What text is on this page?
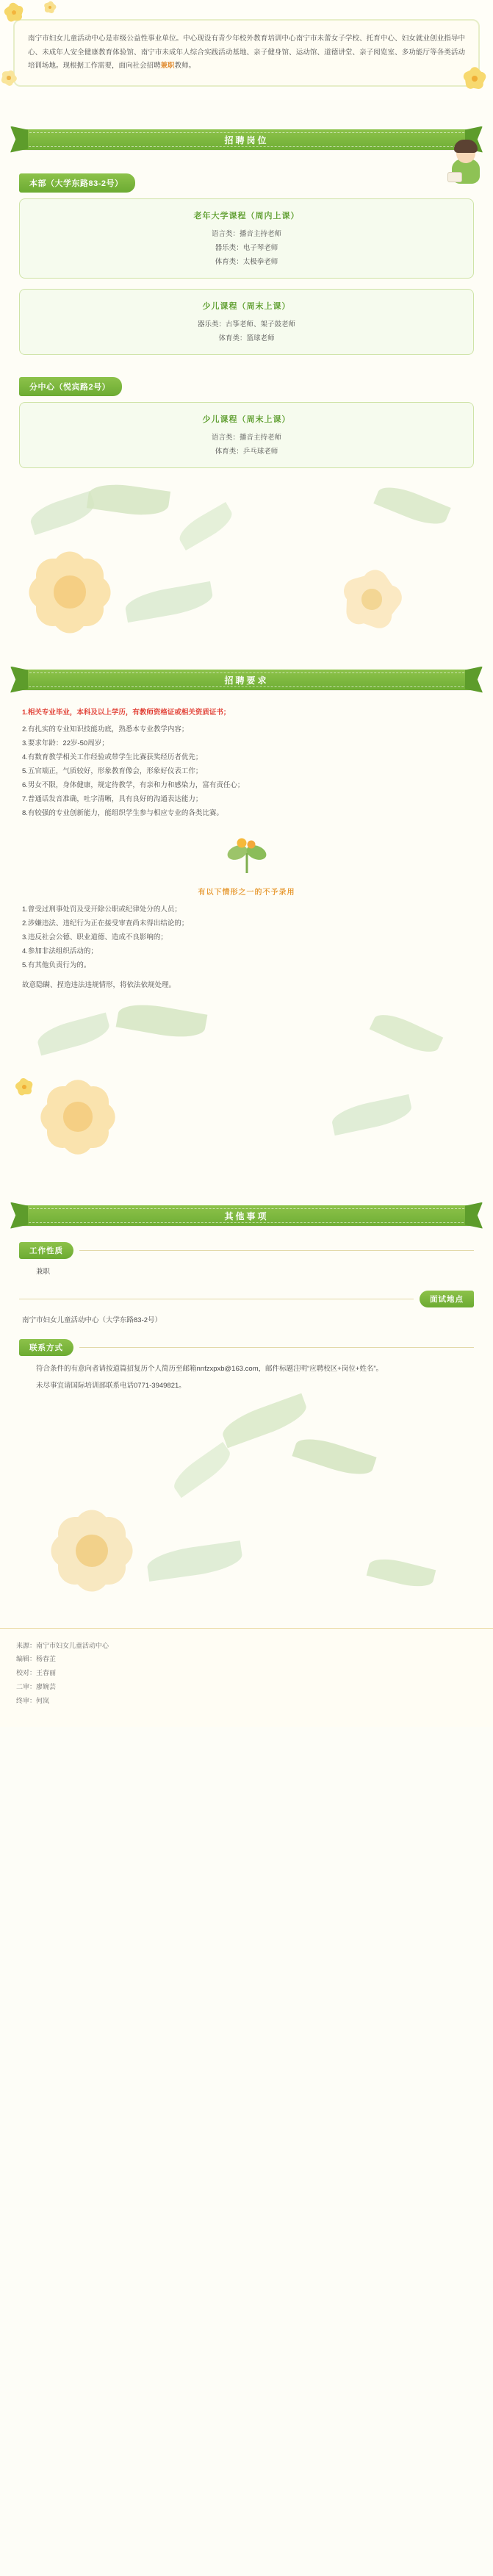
南宁市妇女儿童活动中心是市级公益性事业单位。中心现设有青少年校外教育培训中心南宁市未蕾女子学校、托育中心、妇女就业创业指导中心、未成年人安全健康教育体验馆、南宁市未成年人综合实践活动基地、亲子健身馆、运动馆、道德讲堂、亲子阅览室、多功能厅等各类活动培训场地。现根据工作需要，面向社会招聘兼职教师。
招聘岗位
本部（大学东路83-2号）
老年大学课程（周内上课）
语言类：播音主持老师
器乐类：电子琴老师
体育类：太极拳老师
少儿课程（周末上课）
器乐类：古筝老师、架子鼓老师
体育类：篮球老师
分中心（悦宾路2号）
少儿课程（周末上课）
语言类：播音主持老师
体育类：乒乓球老师
招聘要求
1.相关专业毕业，本科及以上学历，有教师资格证或相关资质证书；
2.有扎实的专业知识技能功底，熟悉本专业教学内容；
3.要求年龄：22岁-50周岁；
4.有数育教学相关工作经验或带学生比赛获奖经历者优先；
5.五官端正，气质较好，形象教育像会，形象好仪表工作；
6.男女不限，身体健康，规定待教学，有亲和力和感染力，富有责任心；
7.普通话发音准确，吐字清晰，具有良好的沟通表达能力；
8.有较强的专业创新能力，能组织学生参与相应专业的各类比赛。
有以下情形之一的不予录用
1.曾受过刑事处罚及受开除公职或纪律处分的人员；
2.涉嫌违法、违纪行为正在接受审查尚未得出结论的；
3.违反社会公德、职业道德、造成不良影响的；
4.参加非法组织活动的；
5.有其他负责行为的。
故意隐瞒、捏造违法违规情形，将依法依规处理。
其他事项
工作性质
兼职
面试地点
南宁市妇女儿童活动中心（大学东路83-2号）
联系方式
符合条件的有意向者请按道篇招复历个人简历至邮箱nnfzxpxb@163.com，邮件标题注明“应聘校区+岗位+姓名”。
未尽事宜请国际培训部联系电话0771-3949821。
来源：南宁市妇女儿童活动中心
编辑：杨春芷
校对：王春丽
二审：廖婉芸
终审：何岚
